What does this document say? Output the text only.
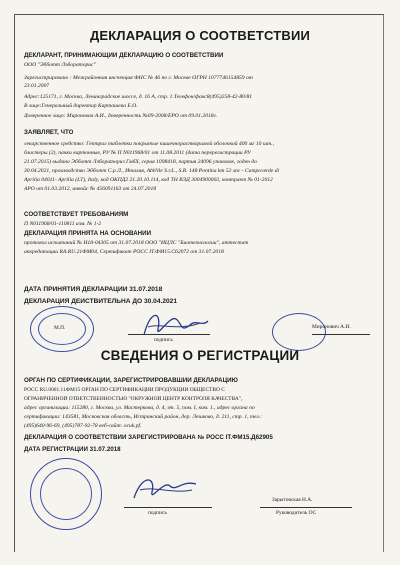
ДЕКЛАРАЦИЯ О СООТВЕТСТВИИ
ДЕКЛАРАНТ, ПРИНИМАЮЩИЙ ДЕКЛАРАЦИЮ О СООТВЕТСТВИИ
ООО "Эбботт Лэбораторис"
Зарегистрировано : Межрайонная инспекция ФНС № 46 по г. Москве ОГРН 1077746154859 от
23.01.2007
Адрес:125171, г. Москва, Ленинградское шоссе, д. 16 А, стр. 1.Телефон/факс8(495)258-42-80/81
В лице:Генеральный директор Карташева Е.О.
Доверенное лицо: Миронович А.И., доверенность №09-2008/ЕРО от 09.01.2018г.
ЗАЯВЛЯЕТ, ЧТО
лекарственное средство: Гептрал таблетки покрытые кишечнорастворимой оболочкой 400 мг 10 шт.,
блистеры (2), пачки картонные, РУ № П N011968/01 от 11.08.2011 (дата перерегистрации РУ
21.07.2015) выдано Эбботт Лэбораториз ГмбХ, серия 1098418, партия 24096 упаковок, годен до
30.04.2021, производство Эбботт С.р.Л., Италия, AbbVie S.r.L., S.R. 148 Pontina km 52 snc - Campoverde di
Aprilia 04011- Aprilia (LT), Italy, код ОКПД2 21.20.10.114, код ТН ВЭД 3004900002, контракт № 01-2012
АРО от 01.03.2012, инвойс № 456091163 от 24.07.2018
СООТВЕТСТВУЕТ ТРЕБОВАНИЯМ
П N011968/01-110811 изм. № 1-2
ДЕКЛАРАЦИЯ ПРИНЯТА НА ОСНОВАНИИ
протокол испытаний № Н18-04305 от 31.07.2018 ООО "ИЦЛС "Биотехнологии", аттестат
аккредитации RA.RU.21ФМ04, Сертификат РОСС IT.ФМ15.С62072 от 31.07.2018
ДАТА ПРИНЯТИЯ ДЕКЛАРАЦИИ 31.07.2018
ДЕКЛАРАЦИЯ ДЕЙСТВИТЕЛЬНА ДО 30.04.2021
М.П.
подпись
Миронович А.И.
СВЕДЕНИЯ О РЕГИСТРАЦИИ
ОРГАН ПО СЕРТИФИКАЦИИ, ЗАРЕГИСТРИРОВАВШИЙ ДЕКЛАРАЦИЮ
РОСС RU.0001.11ФМ15 ОРГАН ПО СЕРТИФИКАЦИИ ПРОДУКЦИИ ОБЩЕСТВО С
ОГРАНИЧЕННОЙ ОТВЕТСТВЕННОСТЬЮ "ОКРУЖНОЙ ЦЕНТР КОНТРОЛЯ КАЧЕСТВА",
адрес организации: 115280, г. Москва, ул. Мастеркова, д. 4, эт. 5, пом. I, ком. 1., адрес органа по
сертификации: 143581, Московская область, Истринский район, дер. Лешково, д. 211, стр. 1, тел.:
(495)640-96-69, (495)787-92-78 веб-сайт: ocuk.pf.
ДЕКЛАРАЦИЯ О СООТВЕТСТВИИ ЗАРЕГИСТРИРОВАНА № РОСС IT.ФМ15.Д62905
ДАТА РЕГИСТРАЦИИ 31.07.2018
подпись
Зарытовская Н.А.
Руководитель ОС
